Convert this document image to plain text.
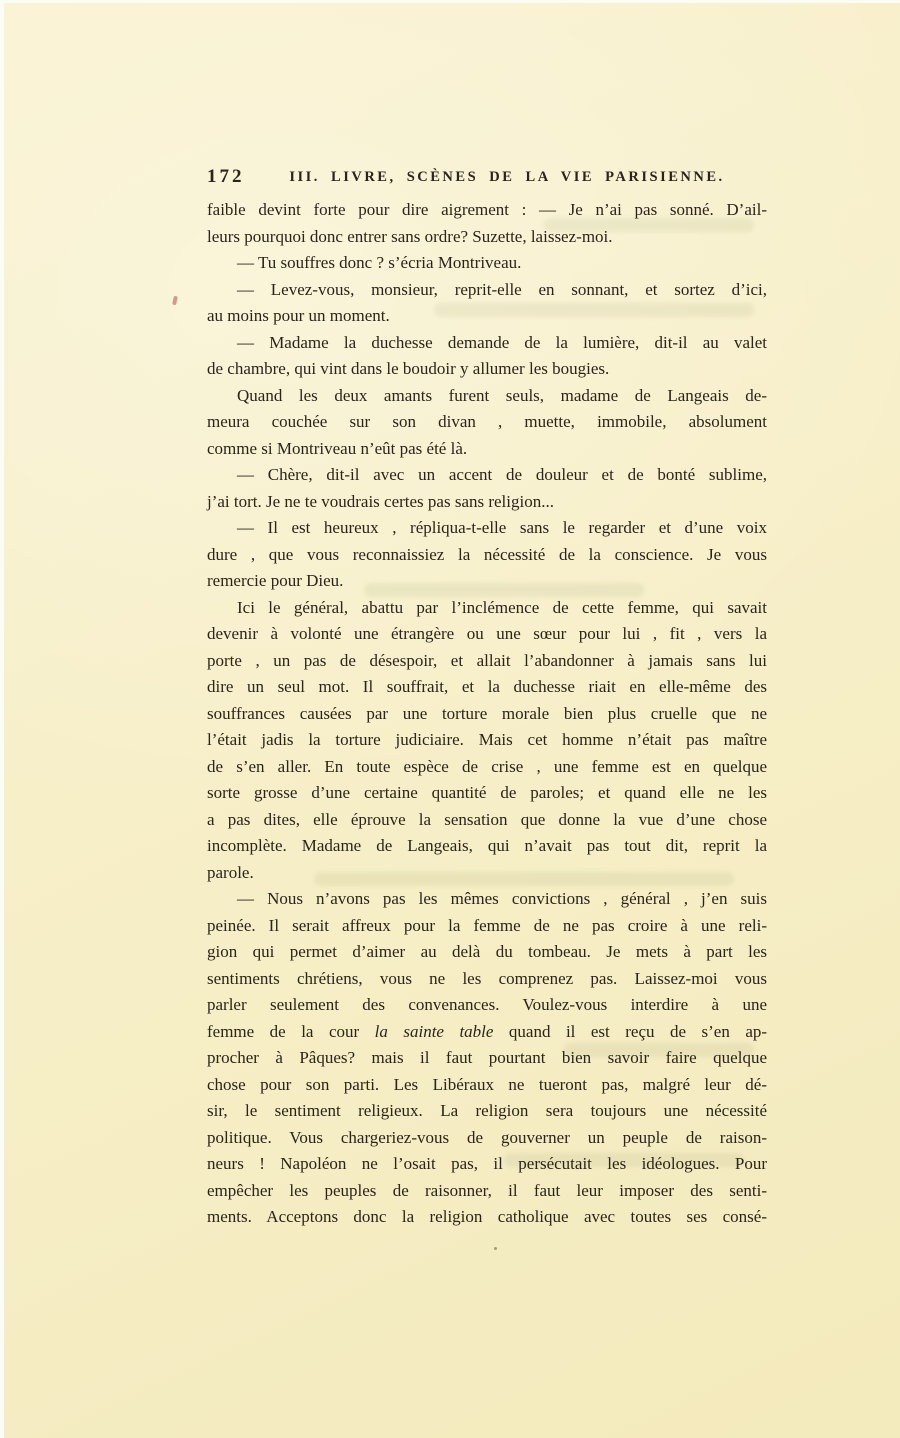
172	III. LIVRE, SCÈNES DE LA VIE PARISIENNE.
faible devint forte pour dire aigrement : — Je n’ai pas sonné. D’ail-
leurs pourquoi donc entrer sans ordre? Suzette, laissez-moi.
— Tu souffres donc ? s’écria Montriveau.
— Levez-vous, monsieur, reprit-elle en sonnant, et sortez d’ici,
au moins pour un moment.
— Madame la duchesse demande de la lumière, dit-il au valet
de chambre, qui vint dans le boudoir y allumer les bougies.
Quand les deux amants furent seuls, madame de Langeais de-
meura couchée sur son divan , muette, immobile, absolument
comme si Montriveau n’eût pas été là.
— Chère, dit-il avec un accent de douleur et de bonté sublime,
j’ai tort. Je ne te voudrais certes pas sans religion...
— Il est heureux , répliqua-t-elle sans le regarder et d’une voix
dure , que vous reconnaissiez la nécessité de la conscience. Je vous
remercie pour Dieu.
Ici le général, abattu par l’inclémence de cette femme, qui savait
devenir à volonté une étrangère ou une sœur pour lui , fit , vers la
porte , un pas de désespoir, et allait l’abandonner à jamais sans lui
dire un seul mot. Il souffrait, et la duchesse riait en elle-même des
souffrances causées par une torture morale bien plus cruelle que ne
l’était jadis la torture judiciaire. Mais cet homme n’était pas maître
de s’en aller. En toute espèce de crise , une femme est en quelque
sorte grosse d’une certaine quantité de paroles; et quand elle ne les
a pas dites, elle éprouve la sensation que donne la vue d’une chose
incomplète. Madame de Langeais, qui n’avait pas tout dit, reprit la
parole.
— Nous n’avons pas les mêmes convictions , général , j’en suis
peinée. Il serait affreux pour la femme de ne pas croire à une reli-
gion qui permet d’aimer au delà du tombeau. Je mets à part les
sentiments chrétiens, vous ne les comprenez pas. Laissez-moi vous
parler seulement des convenances. Voulez-vous interdire à une
femme de la cour la sainte table quand il est reçu de s’en ap-
procher à Pâques? mais il faut pourtant bien savoir faire quelque
chose pour son parti. Les Libéraux ne tueront pas, malgré leur dé-
sir, le sentiment religieux. La religion sera toujours une nécessité
politique. Vous chargeriez-vous de gouverner un peuple de raison-
neurs ! Napoléon ne l’osait pas, il persécutait les idéologues. Pour
empêcher les peuples de raisonner, il faut leur imposer des senti-
ments. Acceptons donc la religion catholique avec toutes ses consé-
